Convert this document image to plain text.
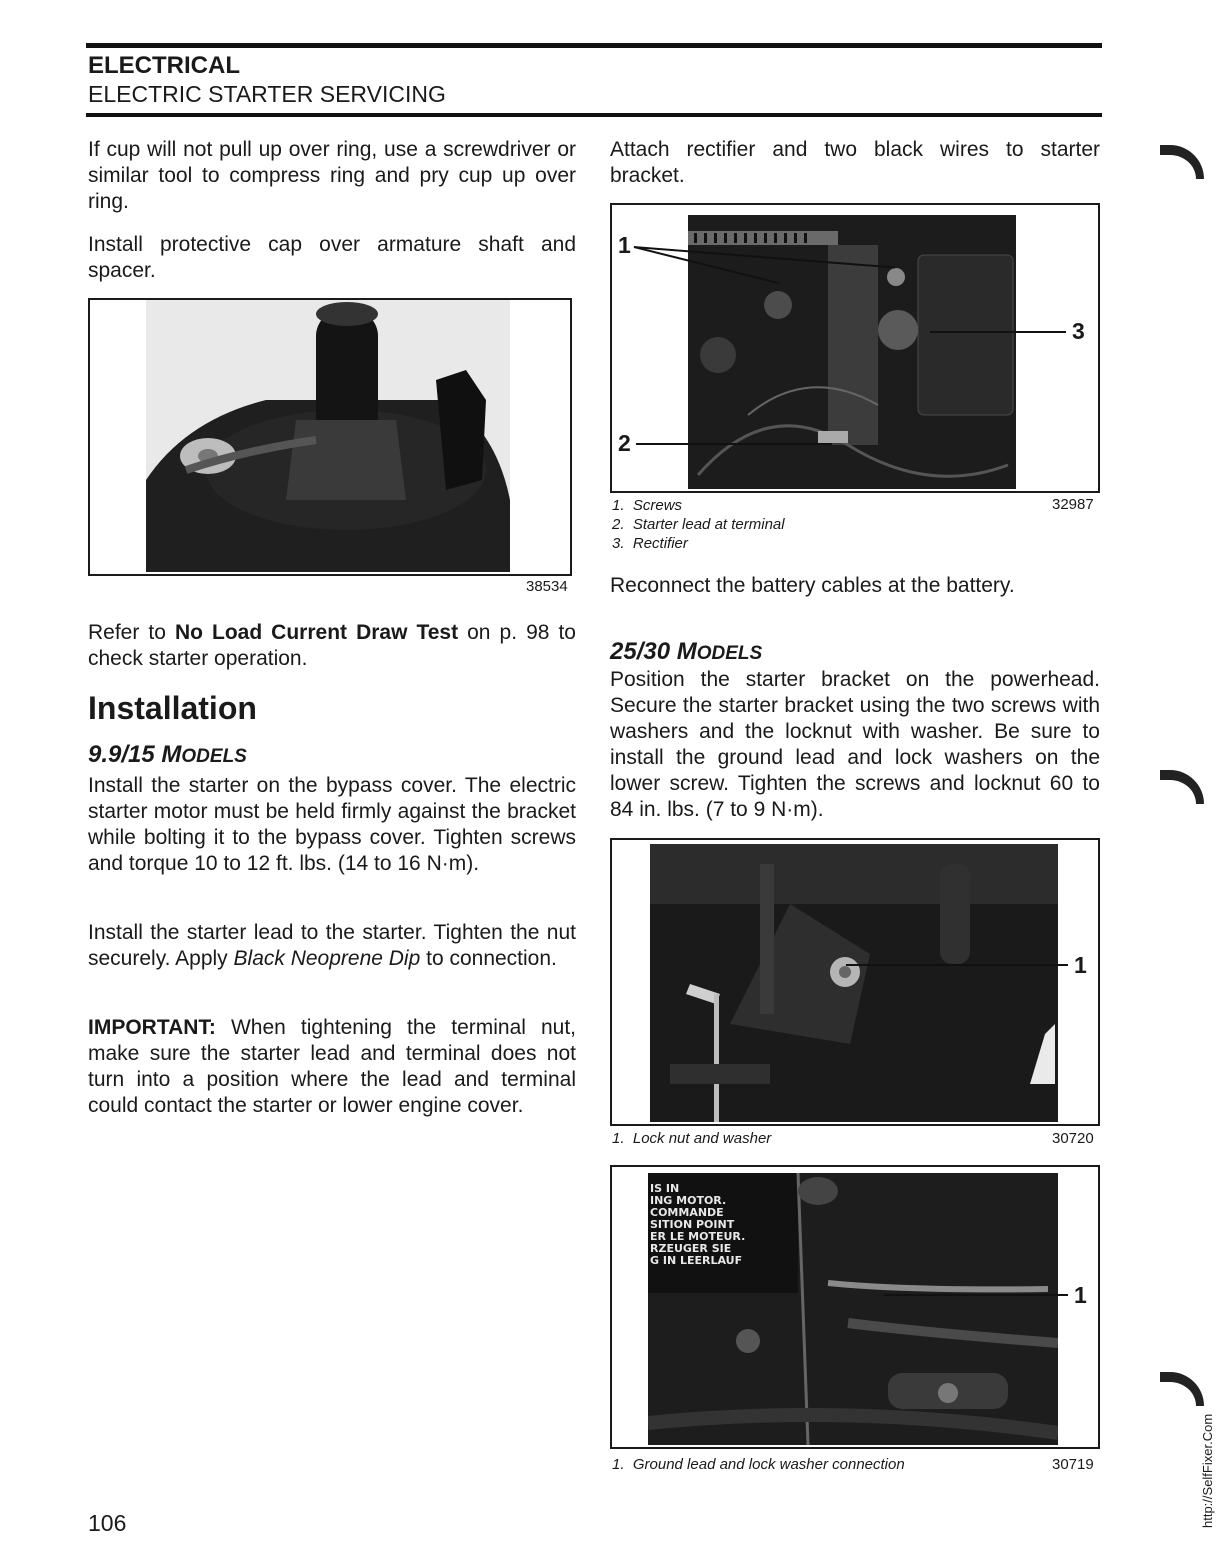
ELECTRICAL
ELECTRIC STARTER SERVICING

If cup will not pull up over ring, use a screwdriver or similar tool to compress ring and pry cup up over ring.

Install protective cap over armature shaft and spacer.

38534

Refer to No Load Current Draw Test on p. 98 to check starter operation.

Installation
9.9/15 MODELS

Install the starter on the bypass cover. The electric starter motor must be held firmly against the bracket while bolting it to the bypass cover. Tighten screws and torque 10 to 12 ft. lbs. (14 to 16 N·m).

Install the starter lead to the starter. Tighten the nut securely. Apply Black Neoprene Dip to connection.

IMPORTANT: When tightening the terminal nut, make sure the starter lead and terminal does not turn into a position where the lead and terminal could contact the starter or lower engine cover.

Attach rectifier and two black wires to starter bracket.

1
3
2
1. Screws
2. Starter lead at terminal
3. Rectifier
32987

Reconnect the battery cables at the battery.

25/30 MODELS

Position the starter bracket on the powerhead. Secure the starter bracket using the two screws with washers and the locknut with washer. Be sure to install the ground lead and lock washers on the lower screw. Tighten the screws and locknut 60 to 84 in. lbs. (7 to 9 N·m).

1
1. Lock nut and washer	30720
IS IN
ING MOTOR.
COMMANDE
SITION POINT
ER LE MOTEUR.
RZEUGER SIE
G IN LEERLAUF
1
1. Ground lead and lock washer connection	30719
106	http://SelfFixer.Com
